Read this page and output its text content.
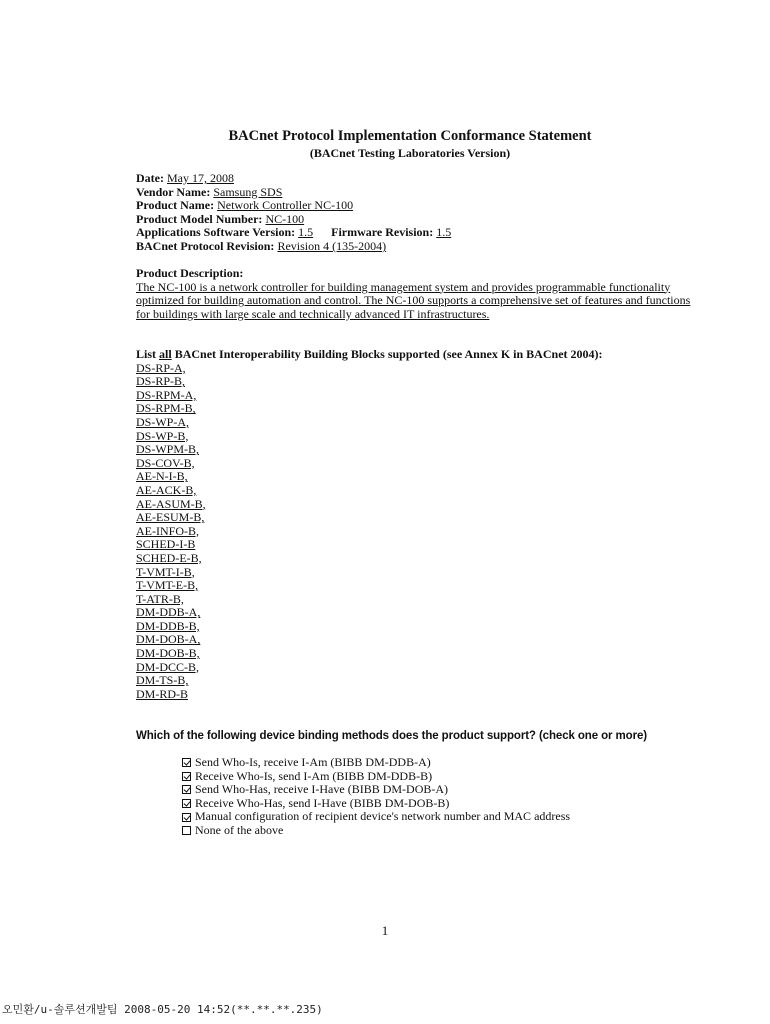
BACnet Protocol Implementation Conformance Statement
(BACnet Testing Laboratories Version)
Date: May 17, 2008
Vendor Name: Samsung SDS
Product Name: Network Controller NC-100
Product Model Number: NC-100
Applications Software Version: 1.5 Firmware Revision: 1.5
BACnet Protocol Revision: Revision 4 (135-2004)
Product Description:
The NC-100 is a network controller for building management system and provides programmable functionality optimized for building automation and control. The NC-100 supports a comprehensive set of features and functions for buildings with large scale and technically advanced IT infrastructures.
List all BACnet Interoperability Building Blocks supported (see Annex K in BACnet 2004):
DS-RP-A,
DS-RP-B,
DS-RPM-A,
DS-RPM-B,
DS-WP-A,
DS-WP-B,
DS-WPM-B,
DS-COV-B,
AE-N-I-B,
AE-ACK-B,
AE-ASUM-B,
AE-ESUM-B,
AE-INFO-B,
SCHED-I-B
SCHED-E-B,
T-VMT-I-B,
T-VMT-E-B,
T-ATR-B,
DM-DDB-A,
DM-DDB-B,
DM-DOB-A,
DM-DOB-B,
DM-DCC-B,
DM-TS-B,
DM-RD-B
Which of the following device binding methods does the product support? (check one or more)
Send Who-Is, receive I-Am (BIBB DM-DDB-A)
Receive Who-Is, send I-Am (BIBB DM-DDB-B)
Send Who-Has, receive I-Have (BIBB DM-DOB-A)
Receive Who-Has, send I-Have (BIBB DM-DOB-B)
Manual configuration of recipient device's network number and MAC address
None of the above
1
오민환/u-솔루션개발팀 2008-05-20 14:52(**.**.**.235)
